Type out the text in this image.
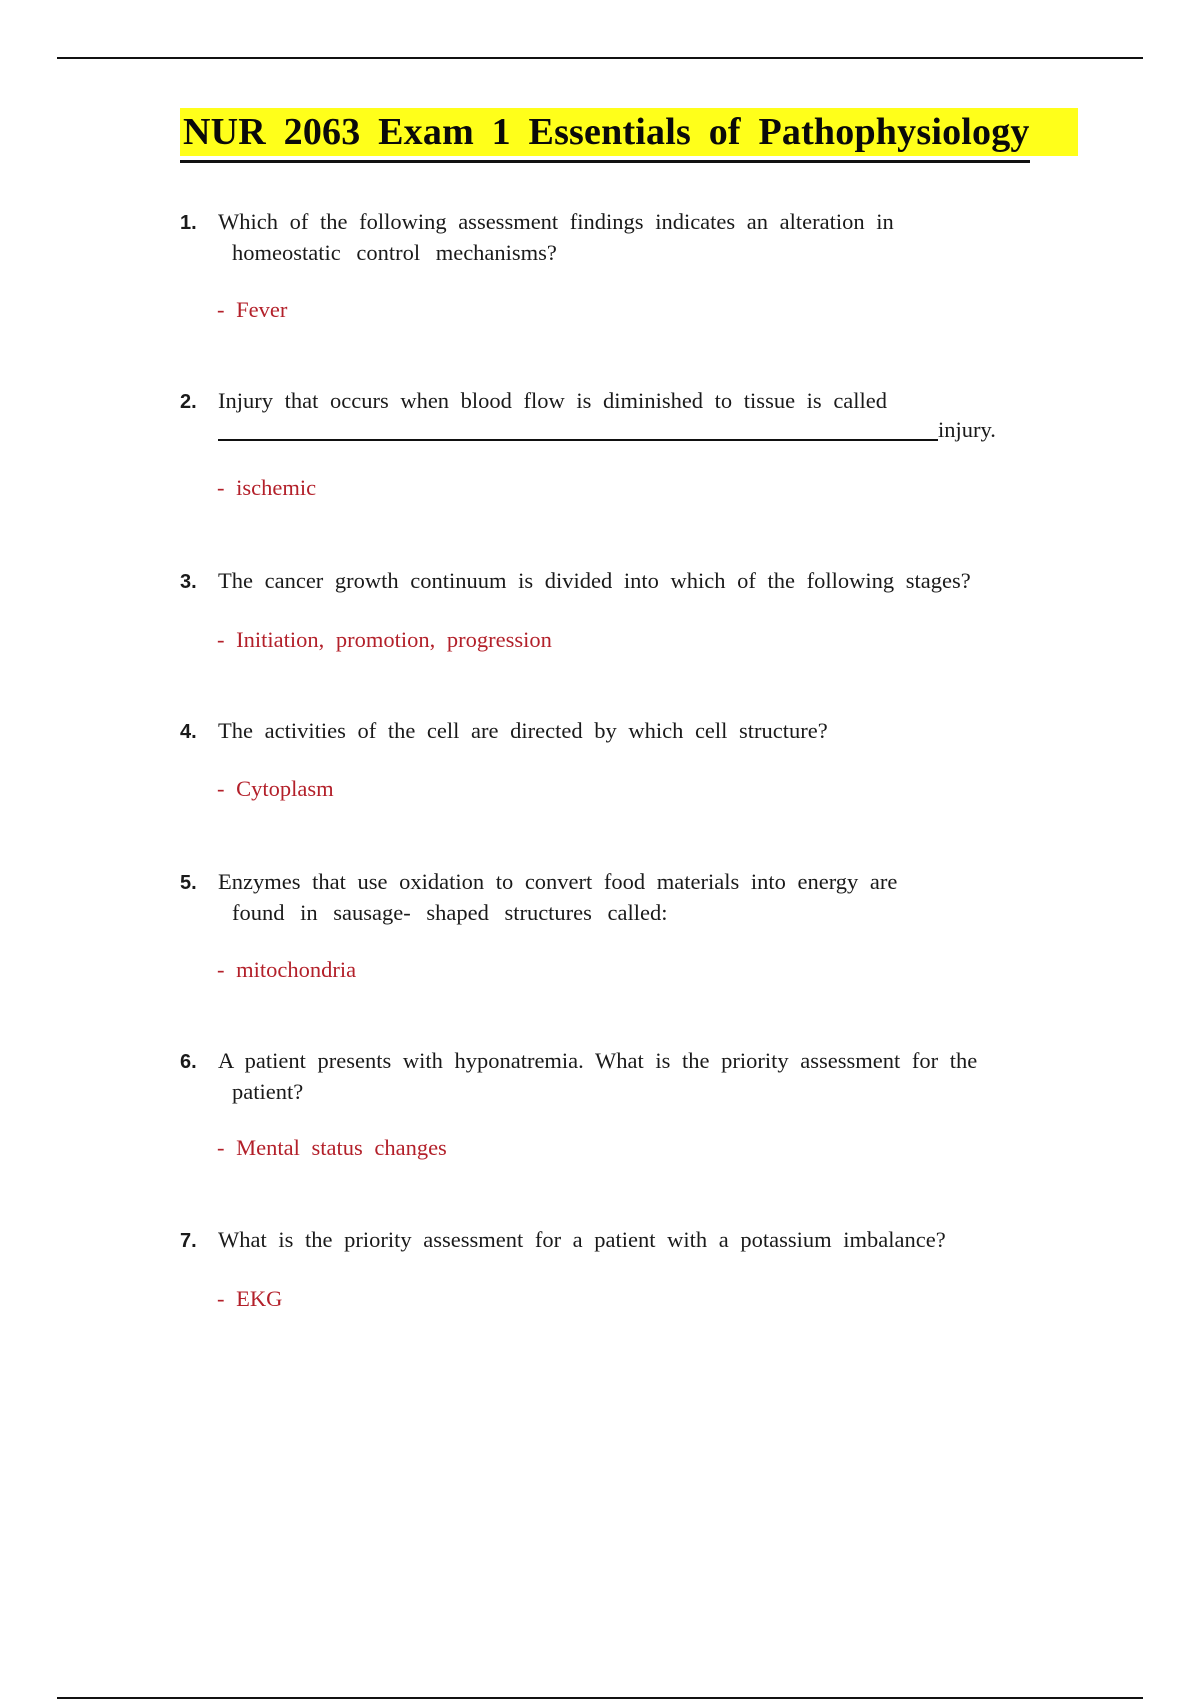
NUR 2063 Exam 1 Essentials of Pathophysiology
1. Which of the following assessment findings indicates an alteration in
homeostatic control mechanisms?
- Fever
2. Injury that occurs when blood flow is diminished to tissue is called
injury.
- ischemic
3. The cancer growth continuum is divided into which of the following stages?
- Initiation, promotion, progression
4. The activities of the cell are directed by which cell structure?
- Cytoplasm
5. Enzymes that use oxidation to convert food materials into energy are
found in sausage- shaped structures called:
- mitochondria
6. A patient presents with hyponatremia. What is the priority assessment for the
patient?
- Mental status changes
7. What is the priority assessment for a patient with a potassium imbalance?
- EKG
